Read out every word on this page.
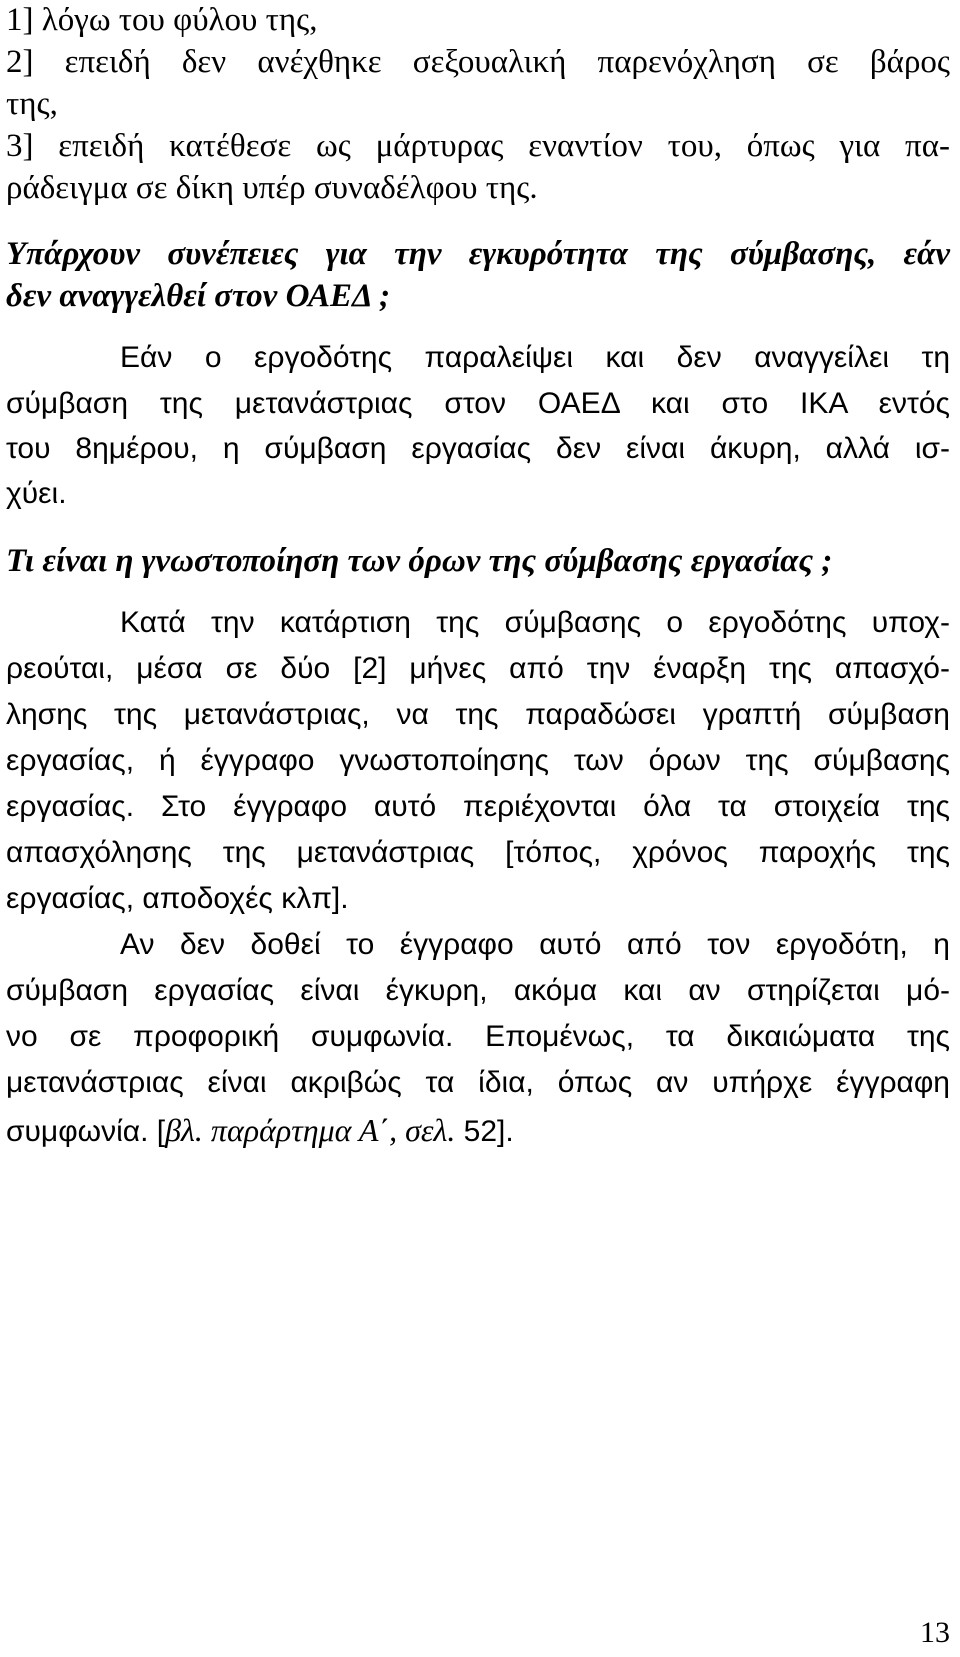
1] λόγω του φύλου της,
2] επειδή δεν ανέχθηκε σεξουαλική παρενόχληση σε βάρος
της,
3] επειδή κατέθεσε ως μάρτυρας εναντίον του, όπως για πα-
ράδειγμα σε δίκη υπέρ συναδέλφου της.
Υπάρχουν συνέπειες για την εγκυρότητα της σύμβασης, εάν
δεν αναγγελθεί στον ΟΑΕΔ ;
Εάν ο εργοδότης παραλείψει και δεν αναγγείλει τη
σύμβαση της μετανάστριας στον ΟΑΕΔ και στο ΙΚΑ εντός
του 8ημέρου, η σύμβαση εργασίας δεν είναι άκυρη, αλλά ισ-
χύει.
Τι είναι η γνωστοποίηση των όρων της σύμβασης εργασίας ;
Κατά την κατάρτιση της σύμβασης ο εργοδότης υποχ-
ρεούται, μέσα σε δύο [2] μήνες από την έναρξη της απασχό-
λησης της μετανάστριας, να της παραδώσει γραπτή σύμβαση
εργασίας, ή έγγραφο γνωστοποίησης των όρων της σύμβασης
εργασίας. Στο έγγραφο αυτό περιέχονται όλα τα στοιχεία της
απασχόλησης της μετανάστριας [τόπος, χρόνος παροχής της
εργασίας, αποδοχές κλπ].
Αν δεν δοθεί το έγγραφο αυτό από τον εργοδότη, η
σύμβαση εργασίας είναι έγκυρη, ακόμα και αν στηρίζεται μό-
νο σε προφορική συμφωνία. Επομένως, τα δικαιώματα της
μετανάστριας είναι ακριβώς τα ίδια, όπως αν υπήρχε έγγραφη
συμφωνία. [βλ. παράρτημα Α΄, σελ. 52].
13
